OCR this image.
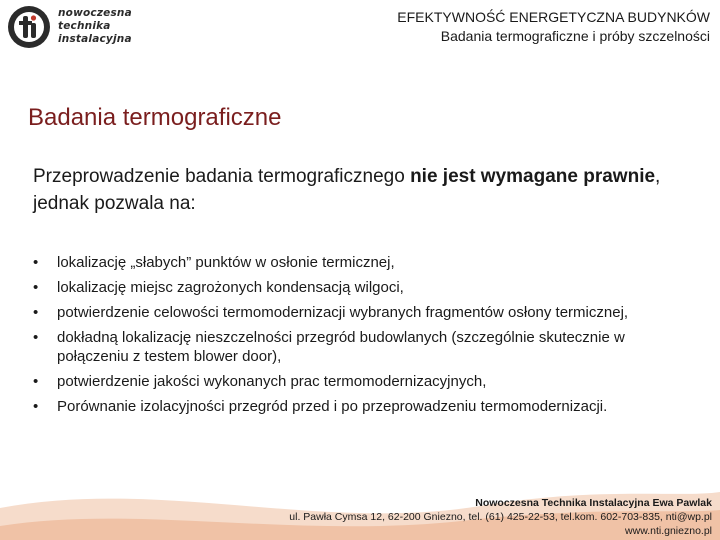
nowoczesna
technika
instalacyjna
EFEKTYWNOŚĆ ENERGETYCZNA BUDYNKÓW
Badania termograficzne i próby szczelności
Badania termograficzne

Przeprowadzenie badania termograficznego nie jest wymagane prawnie, jednak pozwala na:

•	lokalizację „słabych” punktów w osłonie termicznej,
•	lokalizację miejsc zagrożonych kondensacją wilgoci,
•	potwierdzenie celowości termomodernizacji wybranych fragmentów osłony termicznej,
•	dokładną lokalizację nieszczelności przegród budowlanych (szczególnie skutecznie w połączeniu z testem blower door),
•	potwierdzenie jakości wykonanych prac termomodernizacyjnych,
•	Porównanie izolacyjności przegród przed i po przeprowadzeniu termomodernizacji.
Nowoczesna Technika Instalacyjna Ewa Pawlak
ul. Pawła Cymsa 12, 62-200 Gniezno, tel. (61) 425-22-53, tel.kom. 602-703-835, nti@wp.pl
www.nti.gniezno.pl
